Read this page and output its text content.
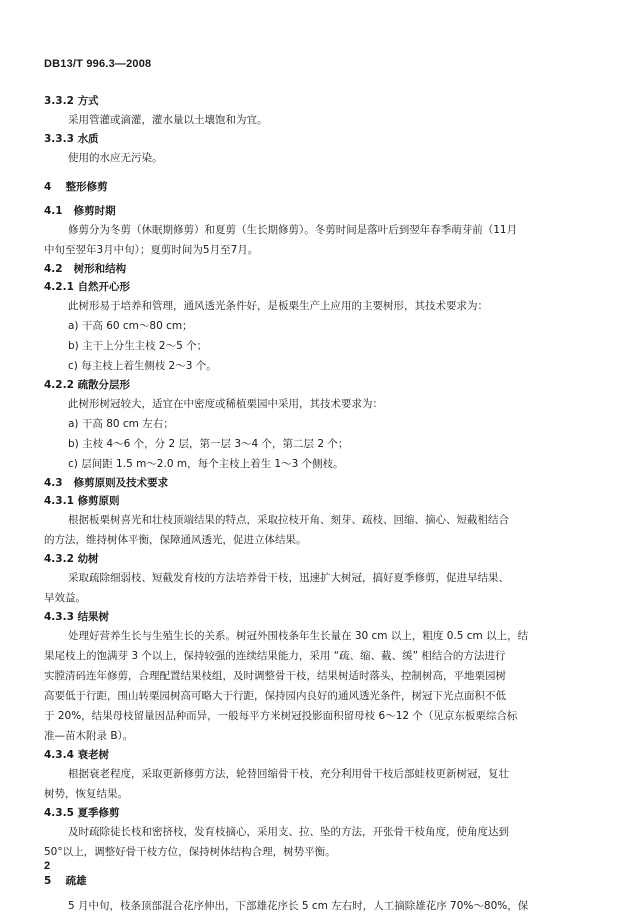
DB13/T 996.3—2008
3.3.2 方式

采用管灌或滴灌，灌水量以土壤饱和为宜。

3.3.3 水质

使用的水应无污染。

4 整形修剪
4.1 修剪时期

修剪分为冬剪（休眠期修剪）和夏剪（生长期修剪）。冬剪时间是落叶后到翌年春季萌芽前（11月

中旬至翌年3月中旬）；夏剪时间为5月至7月。

4.2 树形和结构
4.2.1 自然开心形

此树形易于培养和管理，通风透光条件好，是板栗生产上应用的主要树形，其技术要求为：

a) 干高 60 cm～80 cm；

b) 主干上分生主枝 2～5 个；

c) 每主枝上着生侧枝 2～3 个。

4.2.2 疏散分层形

此树形树冠较大，适宜在中密度或稀植栗园中采用，其技术要求为：

a) 干高 80 cm 左右；

b) 主枝 4～6 个，分 2 层，第一层 3～4 个，第二层 2 个；

c) 层间距 1.5 m～2.0 m，每个主枝上着生 1～3 个侧枝。

4.3 修剪原则及技术要求
4.3.1 修剪原则

根据板栗树喜光和壮枝顶端结果的特点，采取拉枝开角、刻芽、疏枝、回缩、摘心、短截相结合

的方法，维持树体平衡，保障通风透光，促进立体结果。

4.3.2 幼树

采取疏除细弱枝、短截发育枝的方法培养骨干枝，迅速扩大树冠，搞好夏季修剪，促进早结果、

早效益。

4.3.3 结果树

处理好营养生长与生殖生长的关系。树冠外围枝条年生长量在 30 cm 以上，粗度 0.5 cm 以上，结

果尾枝上的饱满芽 3 个以上，保持较强的连续结果能力，采用 “疏、缩、截、缓” 相结合的方法进行

实膛清码连年修剪，合理配置结果枝组，及时调整骨干枝，结果树适时落头，控制树高，平地栗园树

高要低于行距，围山转栗园树高可略大于行距，保持园内良好的通风透光条件，树冠下光点面积不低

于 20%，结果母枝留量因品种而异，一般每平方米树冠投影面积留母枝 6～12 个（见京东板栗综合标

准—苗木附录 B）。

4.3.4 衰老树

根据衰老程度，采取更新修剪方法，轮替回缩骨干枝，充分利用骨干枝后部蛙枝更新树冠，复壮

树势，恢复结果。

4.3.5 夏季修剪

及时疏除徒长枝和密挤枝，发育枝摘心，采用支、拉、坠的方法，开张骨干枝角度，使角度达到

50°以上，调整好骨干枝方位，保持树体结构合理，树势平衡。

5 疏雄

5 月中旬，枝条顶部混合花序伸出，下部雄花序长 5 cm 左右时，人工摘除雄花序 70%～80%，保

2
